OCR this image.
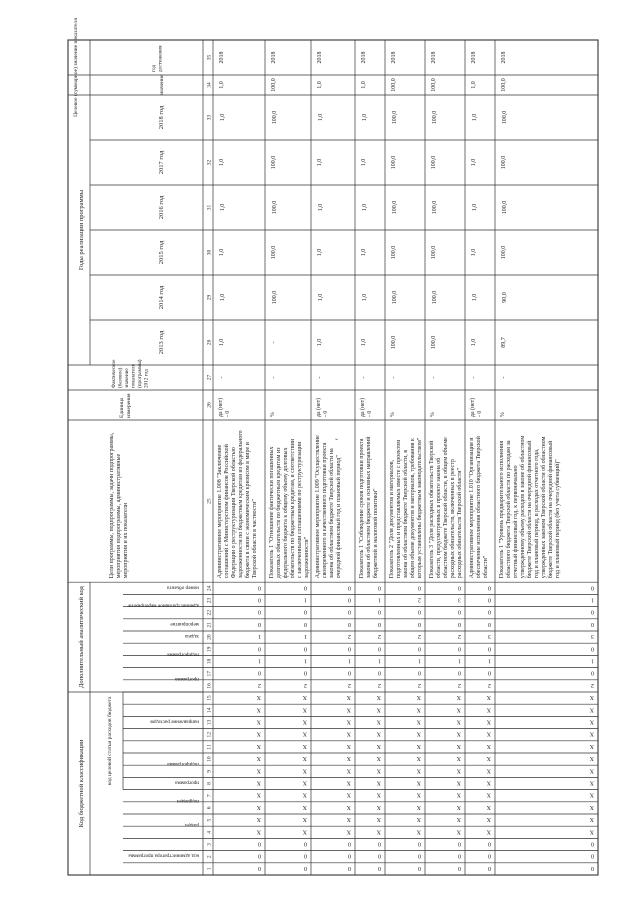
Код бюджетной классификации
Дополнительный аналитический код
Целевое (суммарное) значение показателя
Годы реализации программы
код администратора программы
раздел
подраздел
программа
подпрограмма
направление расходов
программа
подпрограмма
задача
мероприятие
административное мероприятие
номер объекта
код целевой статьи расходов бюджета
Цели программы, подпрограммы, задачи подпрограммы,мероприятия подпрограммы, административныемероприятия и их показатели
Единицаизмерения
Фактическое(базовое)значениепоказателя(программы)2012 год
2013 год
2014 год
2015 год
2016 год
2017 год
2018 год
значение
годдостижения
1
2
3
4
5
6
7
8
9
10
11
12
13
14
15
16
17
18
19
20
21
22
23
24
25
26
27
28
29
30
31
32
33
34
35
0
0
0
X
X
X
X
X
X
X
X
X
X
X
X
2
0
1
0
1
0
0
0
0
Административное мероприятие 1.008 "Заключениесоглашений с Министерством финансов РоссийскойФедерации о реструктуризации Тверской областьюзадолженности по бюджетным кредитам из федеральногобюджета в связи с экономическим кризисом в мире иТверской области в частности"
да (нет)- 0
-
1,0
1,0
1,0
1,0
1,0
1,0
1,0
2018
0
0
0
X
X
X
X
X
X
X
X
X
X
X
X
2
0
1
0
1
0
0
1
0
Показатель 1 "Отношение фактически погашенныхдолговых обязательств по бюджетным кредитам изфедерального бюджета к общему объему долговыхобязательств по бюджетным кредитам, в соответствиис заключенными соглашениями по реструктуризациизадолженности"
%
-
-
100,0
100,0
100,0
100,0
100,0
100,0
2018
0
0
0
X
X
X
X
X
X
X
X
X
X
X
X
2
0
1
0
2
0
0
0
0
Административное мероприятие 1.009 "Осуществлениесвоевременного и качественного подготовки проектазакона об областном бюджете Тверской области наочередной финансовый год и плановый период"
да (нет)- 0
-
1,0
1,0
1,0
1,0
1,0
1,0
1,0
2018
0
0
0
X
X
X
X
X
X
X
X
X
X
X
X
2
0
1
0
2
0
0
1
0
Показатель 1 "Соблюдение сроков подготовки проектазакона об областном бюджете и основных направленийбюджетной и налоговой политики"
да (нет)- 0
-
1,0
1,0
1,0
1,0
1,0
1,0
1,0
2018
0
0
0
X
X
X
X
X
X
X
X
X
X
X
X
2
0
1
0
2
0
0
2
0
Показатель 2 "Доля документов и материалов,подготовленных и представляемых вместе с проектомзакона об областном бюджете Тверской области, вобщем объеме документов и материалов, требования ккоторым установлены бюджетным законодательством"
%
-
100,0
100,0
100,0
100,0
100,0
100,0
100,0
2018
0
0
0
X
X
X
X
X
X
X
X
X
X
X
X
2
0
1
0
2
0
0
3
0
Показатель 3 "Доля расходных обязательств Тверскойобласти, предусмотренных в проекте закона обобластном бюджете Тверской области, в общем объемерасходных обязательств, включенных в реестррасходных обязательств Тверской области"
%
-
100,0
100,0
100,0
100,0
100,0
100,0
100,0
2018
0
0
0
X
X
X
X
X
X
X
X
X
X
X
X
2
0
1
0
3
0
0
0
0
Административное мероприятие 1.010 "Организация иобеспечение исполнения областного бюджета Тверскойобласти"
да (нет)- 0
-
1,0
1,0
1,0
1,0
1,0
1,0
1,0
2018
0
0
0
X
X
X
X
X
X
X
X
X
X
X
X
2
0
1
0
3
0
0
1
0
Показатель 1 "Уровень предварительного исполненияобластного бюджета Тверской области по расходам заотчетный финансовый год, к первоначальноутвержденному объему расходов в законе об областномбюджете Тверской области на очередной финансовыйгод и плановый период, в расходах отчетного года,утвержденных законом Тверской области об областномбюджете Тверской области на очередной финансовыйгод и плановый период (без учета субвенций)"
%
-
89,7
90,0
100,0
100,0
100,0
100,0
100,0
2018
ˇ
